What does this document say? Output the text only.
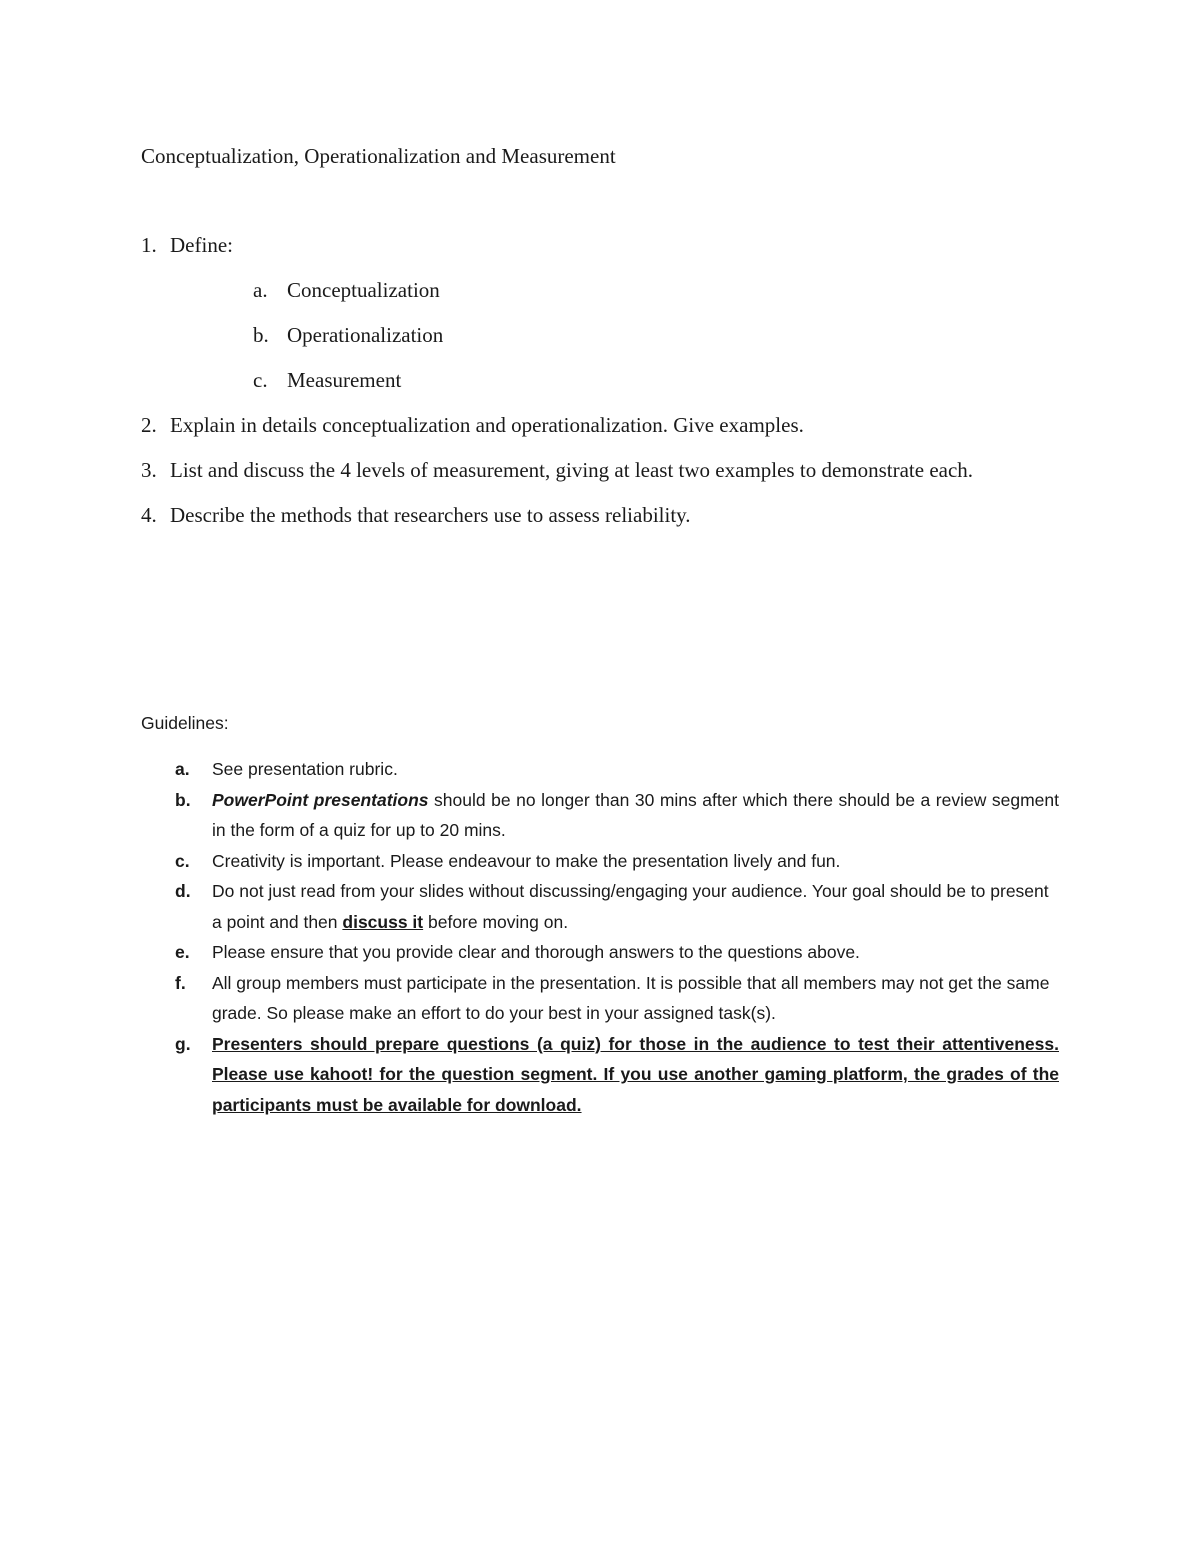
Conceptualization, Operationalization and Measurement
1. Define:
a. Conceptualization
b. Operationalization
c. Measurement
2. Explain in details conceptualization and operationalization. Give examples.
3. List and discuss the 4 levels of measurement, giving at least two examples to demonstrate each.
4. Describe the methods that researchers use to assess reliability.
Guidelines:
a. See presentation rubric.
b. PowerPoint presentations should be no longer than 30 mins after which there should be a review segment in the form of a quiz for up to 20 mins.
c. Creativity is important. Please endeavour to make the presentation lively and fun.
d. Do not just read from your slides without discussing/engaging your audience. Your goal should be to present a point and then discuss it before moving on.
e. Please ensure that you provide clear and thorough answers to the questions above.
f. All group members must participate in the presentation. It is possible that all members may not get the same grade. So please make an effort to do your best in your assigned task(s).
g. Presenters should prepare questions (a quiz) for those in the audience to test their attentiveness. Please use kahoot! for the question segment. If you use another gaming platform, the grades of the participants must be available for download.
